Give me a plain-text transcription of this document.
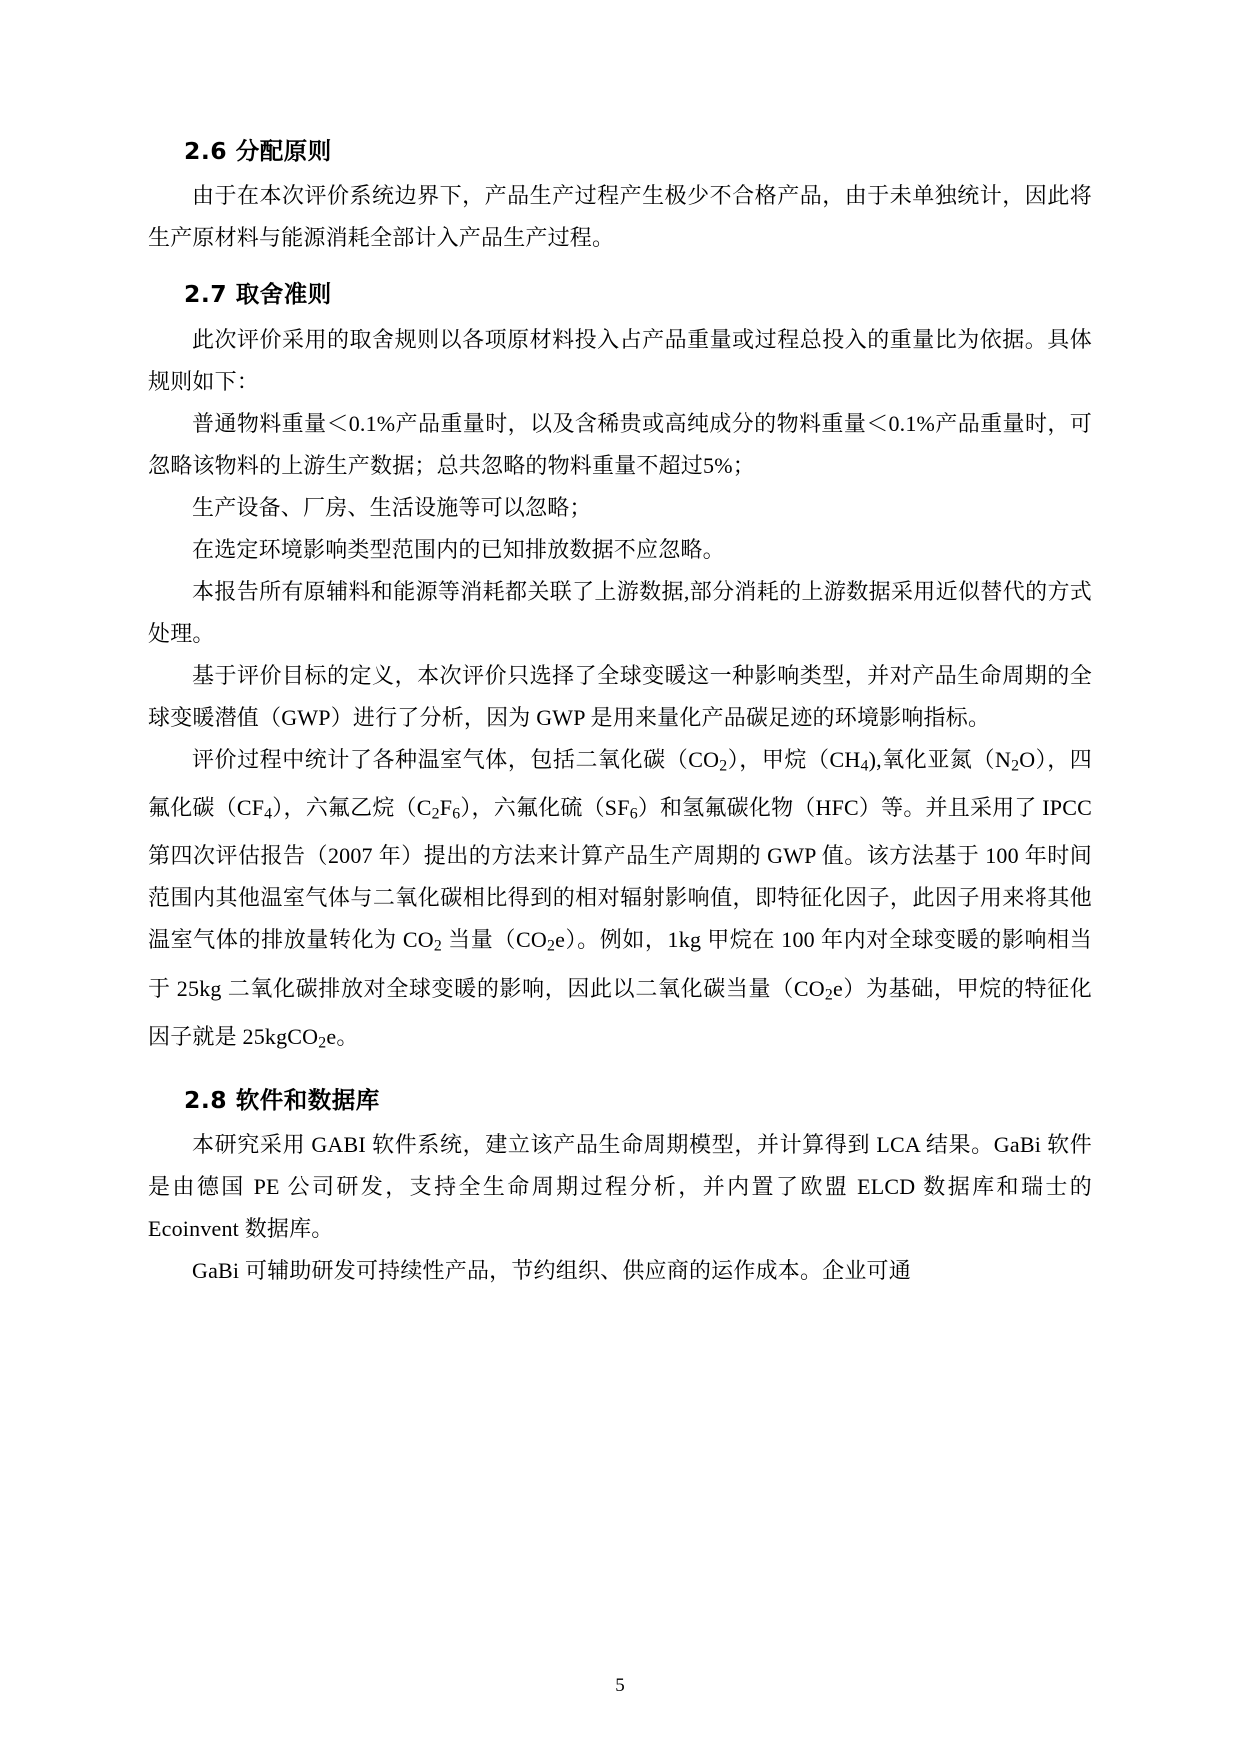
2.6 分配原则

由于在本次评价系统边界下，产品生产过程产生极少不合格产品，由于未单独统计，因此将生产原材料与能源消耗全部计入产品生产过程。

2.7 取舍准则

此次评价采用的取舍规则以各项原材料投入占产品重量或过程总投入的重量比为依据。具体规则如下：

普通物料重量＜0.1%产品重量时，以及含稀贵或高纯成分的物料重量＜0.1%产品重量时，可忽略该物料的上游生产数据；总共忽略的物料重量不超过5%；

生产设备、厂房、生活设施等可以忽略；

在选定环境影响类型范围内的已知排放数据不应忽略。

本报告所有原辅料和能源等消耗都关联了上游数据,部分消耗的上游数据采用近似替代的方式处理。

基于评价目标的定义，本次评价只选择了全球变暖这一种影响类型，并对产品生命周期的全球变暖潜值（GWP）进行了分析，因为 GWP 是用来量化产品碳足迹的环境影响指标。

评价过程中统计了各种温室气体，包括二氧化碳$(CO_2)$，甲烷$(CH_4)$,氧化亚氮$(N_2O)$，四氟化碳$(CF_4)$，六氟乙烷$(C_2F_6)$，六氟化硫$(SF_6)$和氢氟碳化物（HFC）等。并且采用了 IPCC 第四次评估报告（2007 年）提出的方法来计算产品生产周期的 GWP 值。该方法基于 100 年时间范围内其他温室气体与二氧化碳相比得到的相对辐射影响值，即特征化因子，此因子用来将其他温室气体的排放量转化为 $CO_2$ 当量$(CO_2e)$。例如，1kg 甲烷在 100 年内对全球变暖的影响相当于 25kg 二氧化碳排放对全球变暖的影响，因此以二氧化碳当量$(CO_2e)$为基础，甲烷的特征化因子就是 25kgCO$_2$e。

2.8 软件和数据库

本研究采用 GABI 软件系统，建立该产品生命周期模型，并计算得到 LCA 结果。GaBi 软件是由德国 PE 公司研发，支持全生命周期过程分析，并内置了欧盟 ELCD 数据库和瑞士的 Ecoinvent 数据库。

GaBi 可辅助研发可持续性产品，节约组织、供应商的运作成本。企业可通

5
